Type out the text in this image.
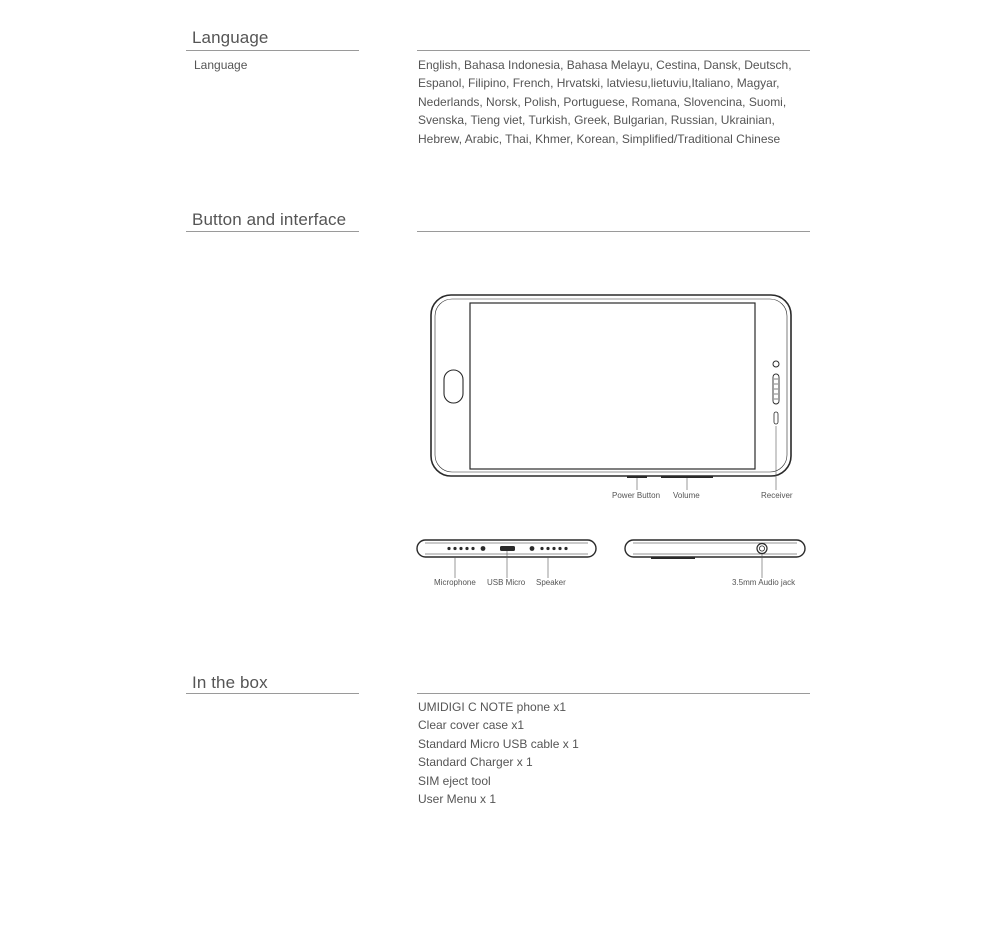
Language
Language	English, Bahasa Indonesia, Bahasa Melayu, Cestina, Dansk, Deutsch,
Espanol, Filipino, French, Hrvatski, latviesu,lietuviu,Italiano, Magyar,
Nederlands, Norsk, Polish, Portuguese, Romana, Slovencina, Suomi,
Svenska, Tieng viet, Turkish, Greek, Bulgarian, Russian, Ukrainian,
Hebrew, Arabic, Thai, Khmer, Korean, Simplified/Traditional Chinese
Button and interface
Power Button Volume	Receiver
Microphone USB Micro Speaker	3.5mm Audio jack
In the box
UMIDIGI C NOTE phone x1
Clear cover case x1
Standard Micro USB cable x 1
Standard Charger x 1
SIM eject tool
User Menu x 1
